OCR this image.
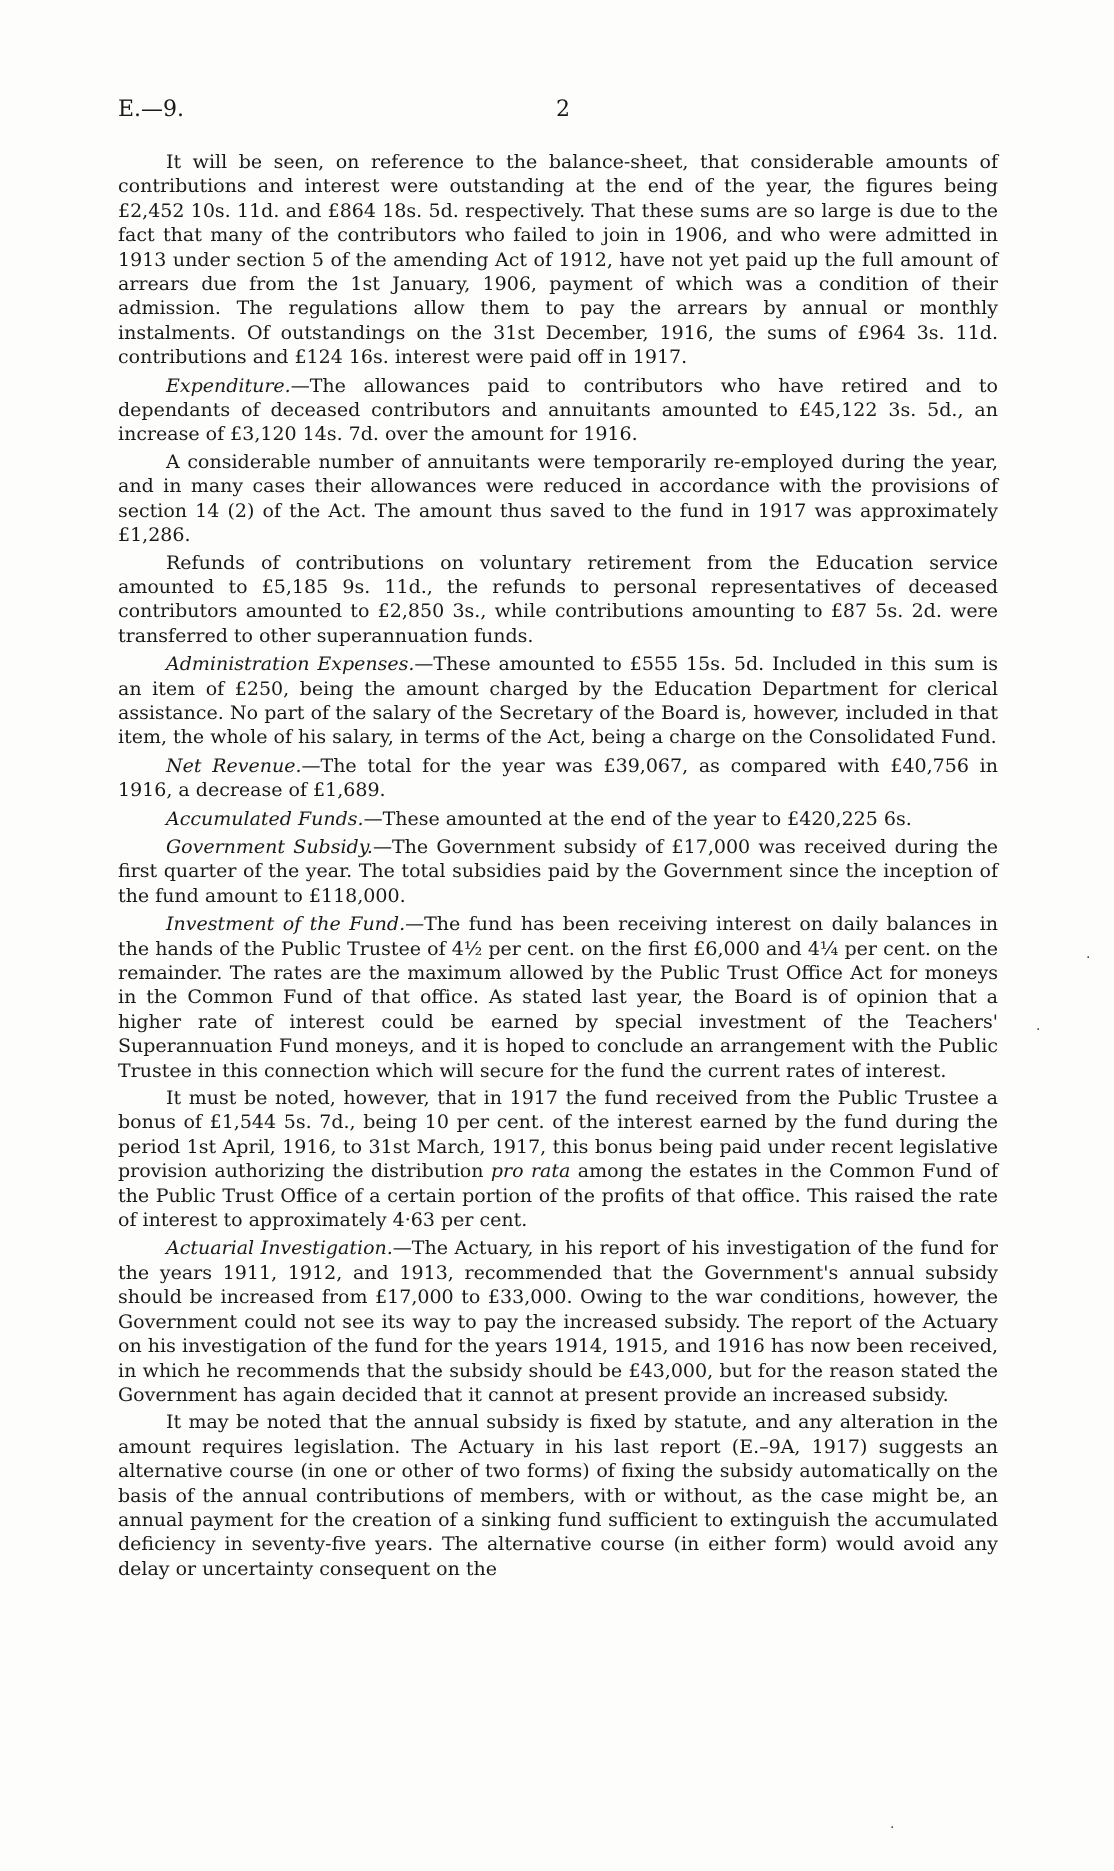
E.—9.	2

It will be seen, on reference to the balance-sheet, that considerable amounts of contributions and interest were outstanding at the end of the year, the figures being £2,452 10s. 11d. and £864 18s. 5d. respectively. That these sums are so large is due to the fact that many of the contributors who failed to join in 1906, and who were admitted in 1913 under section 5 of the amending Act of 1912, have not yet paid up the full amount of arrears due from the 1st January, 1906, payment of which was a condition of their admission. The regulations allow them to pay the arrears by annual or monthly instalments. Of outstandings on the 31st December, 1916, the sums of £964 3s. 11d. contributions and £124 16s. interest were paid off in 1917.

Expenditure.—The allowances paid to contributors who have retired and to dependants of deceased contributors and annuitants amounted to £45,122 3s. 5d., an increase of £3,120 14s. 7d. over the amount for 1916.

A considerable number of annuitants were temporarily re-employed during the year, and in many cases their allowances were reduced in accordance with the provisions of section 14 (2) of the Act. The amount thus saved to the fund in 1917 was approximately £1,286.

Refunds of contributions on voluntary retirement from the Education service amounted to £5,185 9s. 11d., the refunds to personal representatives of deceased contributors amounted to £2,850 3s., while contributions amounting to £87 5s. 2d. were transferred to other superannuation funds.

Administration Expenses.—These amounted to £555 15s. 5d. Included in this sum is an item of £250, being the amount charged by the Education Department for clerical assistance. No part of the salary of the Secretary of the Board is, however, included in that item, the whole of his salary, in terms of the Act, being a charge on the Consolidated Fund.

Net Revenue.—The total for the year was £39,067, as compared with £40,756 in 1916, a decrease of £1,689.

Accumulated Funds.—These amounted at the end of the year to £420,225 6s.

Government Subsidy.—The Government subsidy of £17,000 was received during the first quarter of the year. The total subsidies paid by the Government since the inception of the fund amount to £118,000.

Investment of the Fund.—The fund has been receiving interest on daily balances in the hands of the Public Trustee of 4½ per cent. on the first £6,000 and 4¼ per cent. on the remainder. The rates are the maximum allowed by the Public Trust Office Act for moneys in the Common Fund of that office. As stated last year, the Board is of opinion that a higher rate of interest could be earned by special investment of the Teachers' Superannuation Fund moneys, and it is hoped to conclude an arrangement with the Public Trustee in this connection which will secure for the fund the current rates of interest.

It must be noted, however, that in 1917 the fund received from the Public Trustee a bonus of £1,544 5s. 7d., being 10 per cent. of the interest earned by the fund during the period 1st April, 1916, to 31st March, 1917, this bonus being paid under recent legislative provision authorizing the distribution pro rata among the estates in the Common Fund of the Public Trust Office of a certain portion of the profits of that office. This raised the rate of interest to approximately 4·63 per cent.

Actuarial Investigation.—The Actuary, in his report of his investigation of the fund for the years 1911, 1912, and 1913, recommended that the Government's annual subsidy should be increased from £17,000 to £33,000. Owing to the war conditions, however, the Government could not see its way to pay the increased subsidy. The report of the Actuary on his investigation of the fund for the years 1914, 1915, and 1916 has now been received, in which he recommends that the subsidy should be £43,000, but for the reason stated the Government has again decided that it cannot at present provide an increased subsidy.

It may be noted that the annual subsidy is fixed by statute, and any alteration in the amount requires legislation. The Actuary in his last report (E.–9A, 1917) suggests an alternative course (in one or other of two forms) of fixing the subsidy automatically on the basis of the annual contributions of members, with or without, as the case might be, an annual payment for the creation of a sinking fund sufficient to extinguish the accumulated deficiency in seventy-five years. The alternative course (in either form) would avoid any delay or uncertainty consequent on the

·
·
·
